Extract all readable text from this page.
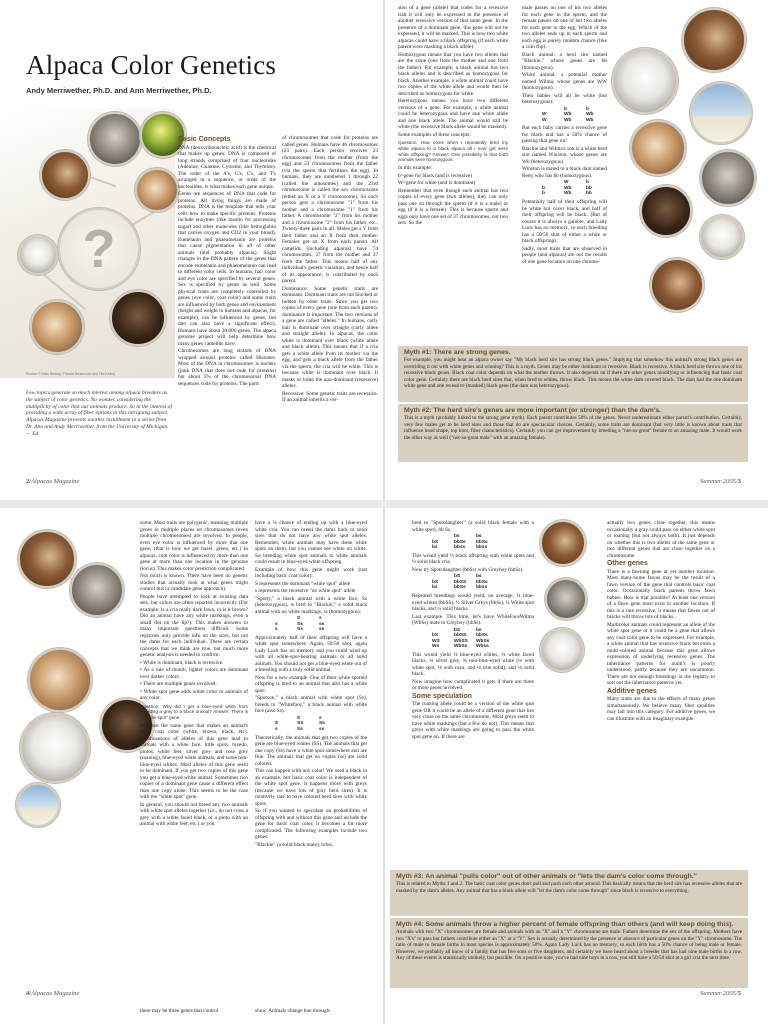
Alpaca Color Genetics
Andy Merriwether, Ph.D. and Ann Merriwether, Ph.D.
?
Photos © Nikki Bishop, Francis Beaumont and Tim Kelley
Few topics generate so much interest among alpaca breeders as the subject of color genetics. No wonder, considering the multiplicity of color that our animals produce. So in the interest of providing a wide array of fiber options in this intriguing subject, Alpacas Magazine presents another installment in a series from Dr. Ann and Andy Merriwether, from the University of Michigan. — Ed.
Basic Concepts

DNA (deoxyribonucleic acid) is the chemical that makes up genes. DNA is composed of long strands comprised of four nucleotides (Adenine, Guanine, Cytosine, and Thymine). The order of the A's, G's, C's, and T's arranged in a sequence, or order of the nucleotides, is what makes each gene unique.

Genes are sequences of DNA that code for proteins. All living things are made of proteins. DNA is the template that tells your cells how to make specific proteins. Proteins include enzymes (like insulin for processing sugar) and other molecules (like hemoglobin that carries oxygen and CO2 in your blood). Eumelanin and phaeomelanin are proteins that cause pigmentation in all of other animals (and probably alpacas). Slight changes in the DNA pattern of the genes that encode eumelanin and phaeomelanin can lead to different color cells. In humans, hair color and eye color are specified by several genes. Sex is specified by genes as well. Some physical traits are completely controlled by genes (eye color, coat color) and some traits are influenced by both genes and environment (height and weight in humans and alpacas, for example), can be influenced by genes, but diet can also have a significant effect). Humans have about 30,000 genes. The alpaca genome project will help determine how many genes camelids have.

Chromosomes are long strands of DNA wrapped around proteins called Histones. Most of the DNA in chromosomes is nucleic (junk DNA that does not code for proteins) but about 5% of the chromosomal DNA sequences code for proteins. The parts

of chromosomes that code for proteins are called genes. Humans have 46 chromosomes (23 pairs). Each person receives 23 chromosomes from the mother (from the egg) and 23 chromosomes from the father (via the sperm that fertilizes the egg). In humans, they are numbered 1 through 22 (called the autosomes) and the 23rd chromosome is called the sex chromosome (either an X or a Y chromosome). So each person gets a chromosome "1" from his mother and a chromosome "1" from his father. A chromosome "2" from his mother and a chromosome "2" from his father, etc.. Twenty-three pairs in all. Males get a Y from their father and an X from their mother. Females get an X from each parent. All camelids (including alpacas) have 74 chromosomes, 37 from the mother and 37 from the father. This means half of any individual's genetic variation, and hence half of its appearance, is contributed by each parent.

Dominance: Some genetic traits are dominant. Dominant traits are not blocked or hidden by other traits. Since you get two copies of every gene (one from each parent), dominance is important. The two versions of a gene are called "alleles." In humans, curly hair is dominant over straight (curly allele and straight allele). In alpacas, the color white is dominant over black (white allele and black allele). This means that if a cria gets a white allele from its mother via the egg, and gets a black allele from the father via the sperm, the cria will be white. This is because white is dominant over black. It masks or hides the non-dominant (recessive) alleles.

Recessive: Some genetic traits are recessive. If an animal inherits a ver-

sion of a gene (allele) that codes for a recessive trait it will only be expressed in the presence of another recessive version of that same gene. In the presence of a dominant gene, this gene will not be expressed, it will be masked. This is how two white alpacas could have a black offspring (if each white parent were masking a black allele).

Homozygous means that you have two alleles that are the same (one from the mother and one from the father). For example, a black animal has two black alleles and is described as homozygous for black. Another example, a white animal could have two copies of the white allele and would then be described as homozygous for white.

Heterozygous means you have two different versions of a gene. For example, a white animal could be heterozygous and have one white allele and one black allele. The animal would still be white (the recessive black allele would be masked).

Some examples of these concepts:

Question: How come when I repeatedly bred my white alpaca to a black alpaca all I ever got were white offspring? Answer: One possibility is that both animals were homozygous.

In this example:

b=gene for black (and is recessive)

W=gene for white (and is dominant)

Remember that even though each animal has two copies of every gene (two alleles), they can only pass one on through the sperm (if it is a male) or egg (if it is a female). This is because sperm and eggs only have one set of 37 chromosomes, not two sets. So the

male passes on one of his two alleles for each gene in the sperm, and the female passes on one of her two alleles for each gene in the egg. Which of the two alleles ends up in each sperm and each egg is purely random chance (like a coin flip).

Black animal: a herd sire named "Blackie," whose genes are bb (homozygous).

White animal: a potential mother named Wilma, whose genes are WW (homozygous).

Their babies will all be white (but heterozygous):

b	b
W	Wb	Wb
W	Wb	Wb

But each baby carries a recessive gene for black and has a 50% chance of passing that gene on!

Blackie and Wilma's son is a white herd sire named Winston, whose genes are Wb (heterozygous).

Winston is mated to a black dam named Betty who has bb (homozygous).

W	b
b	Wb	bb
b	Wb	bb

Potentially half of their offspring will be white but cover black, and half of their offspring will be black. (But of course it is always a gamble, and Lady Luck has no memory, so each breeding has a 50/50 shot of either a white or black offspring).

Sadly, most traits that are observed in people (and alpacas) are not the results of one gene location on one chromo-

Myth #1: There are strong genes.

For example, you might hear an alpaca owner say "My black herd sire has strong black genes." Implying that somehow this animal's strong black genes are overriding it out with white genes and winning? This is a myth. Genes may be either dominant or recessive. Black is recessive. A black herd sire throws one of his recessive black genes. Black coat color depends on what the mother throws. It also depends on if there are other genes modifying or influencing that basic coat color gene. Certainly there are black herd sires that, when bred to whites, throw black. This means the white dam covered black. The dam had the one dominant white gene and one recessive (masked) black gene (the dam was heterozygous).

Myth #2: The herd sire's genes are more important (or stronger) than the dam's.

This is a myth (probably linked to the strong gene myth). Each parent contributes 50% of the genes. Never underestimate either parent's contribution. Certainly, very few males get to be herd sires and those that do are spectacular choices. Certainly, some traits are dominant (but very little is known about traits that influence head shape, top knot, fiber characteristics). Certainly you can get improvement by breeding a "not-so-great" female to an amazing male. It would work the other way as well ("not-so-great male" with an amazing female).

2/Alpacas Magazine	Summer 2005/3

some. Most traits are polygenic, meaning multiple genes in multiple places on chromosomes (even multiple chromosomes) are involved. In people, even eye color is influenced by more that one gene, (that is how we get hazel, green, etc.) In alpacas, coat color is influenced by more than one gene at more than one location in the genome (locus). This makes color prediction complicated.

Not much is known. There have been no genetic studies that actually look at what genes might control this (a candidate gene approach).

People have attempted to look at existing data sets, but colors are often reported incorrectly (For example: Is a cria really dark fawn, or is it brown? Did an animal have any white markings, even a small dot on the lip?). This makes answers to many important questions difficult. Some registries only provide info on the sires, but not the dams for each individual. There are certain concepts that we think are true, but much more genetic analysis is needed to confirm:

• White is dominant, black is recessive.

• As a rule of thumb, lighter colors are dominant over darker colors.

• There are multiple genes involved.

• White spot gene adds white color to animals of any color.

Question: Why did I get a blue-eyed white from breeding a grey to a black animal? Answer: There is a "white spot" gene.

It is not the same gene that makes an animal's basic coat color (white, brown, black, etc). Combinations of alleles of this gene lead to animals with a white face, little spots, tuxedo, pintos, white feet, silver grey and rose grey (roaning), blue-eyed white animals, and some non-blue-eyed whites. Most alleles of this gene seem to be dominant. If you get two copies of this gene you get a blue-eyed white animal. Sometimes two copies of a dominant gene cause a different effect than one copy alone. This seems to be the case with the "white spot" gene.

In general, you should not breed any two animals with white spot alleles together (i.e., do not cross a grey with a white faced black, or a pinto with an animal with white feet, etc.) or you

have a ¼ chance of ending up with a blue-eyed white cria. You can breed the dams back to solid sires that do not have any white spot alleles. Remember, white animals may have these white spots on them, but you cannot see white on white. So breeding white spot animals to white animals could result in blue-eyed white offspring.

Example of how this gene might work (not including basic coat color):

S represents the dominant "white spot" allele

s represents the recessive "no white spot" allele

"Spotty," a black animal with a white face, Ss (heterozygous), is bred to "Blackie," a solid black animal with no white markings, ss (homozygous):

S	s
s	Ss	ss
s	Ss	ss

Approximately half of their offspring will have a white spot somewhere. Again, 50/50 shot, again Lady Luck has no memory and you could wind up with all white-spot-bearing animals or all solid animals. You should not get a blue-eyed white out of a breeding with a truly solid animal.

Now for a new example. One of their white spotted offspring is bred to an animal that also has a white spot:

"Spotson," a black animal with white spot (Ss), breeds to "Whiteface," a black animal with white face (also Ss).

S	s
S	SS	Ss
s	Ss	ss

Theoretically, the animals that get two copies of the gene are blue-eyed whites (SS). The animals that get one copy (Ss) have a white spot somewhere and are fine. The animals that get no copies (ss) are solid colored.

This can happen with any color! We used a black in an example, but basic coat color is independent of the white spot gene. It happens more with greys (because we have lots of gray herd sires). It is relatively rare to have colored herd sires with white spots.

So if you wanted to speculate on probabilities of offspring with and without this gene and include the gene for basic coat color, it becomes a bit more complicated. The following examples include two genes:

"Blackie" (a solid black male), b/bss,

bred to "Spotsdaughter" (a solid black female with a white spot), bb Ss.

bs	bs
bS	bbSs	bbSs
bs	bbss	bbss

This would yield ½ black offspring with white spots and ½ solid black cria.

Now try Spotsdaughter (bbSs) with Greyboy (bbSs).

bS	bs
bS	bbSS	bbSs
bs	bbSs	bbss

Repeated breedings would yield, on average, ¼ blue-eyed whites (bbSS), ½ Silver Greys (bbSs), ¼ White spot blacks, and ¼ solid blacks.

Last example. This time, let's have WhiteFaceWilma (WbSs) mate to Greyboy (bbSs).

bS	bs
bS	bbSS	bbSs
WS	WbSS	WbSs
Ws	WbSs	Wbss

This would yield ⅛ blue-eyed whites, ⅜ white faced blacks, ⅛ silver grey, ⅜ non-blue-eyed white (⅛ with white spot, ⅛ with roan, and ⅛ true solid), and ⅛ solid black.

Now imagine how complicated it gets if there are three or more genes involved.

Some speculation

The roaning allele could be a version of the white spot gene OR it could be an allele of a different gene that lies very close on the same chromosome. Most greys seem to have white markings (but a few do not). This means that greys with white markings are going to pass the white spot gene on. If there are

actually two genes close together, this means occasionally a gray could pass on either white spot or roaning (but not always both). It just depends on whether this is two alleles of the same gene or two different genes that are close together on a chromosome.

Other genes

There is a fawning gene at yet another location. Most many/some fawns may be the result of a fawn version of the gene that controls basic coat color. Occasionally black parents throw fawn babies. How is that possible? At least one version of a fawn gene must exist in another location. If this is a rare recessive, it means that fawns out of blacks will throw lots of blacks.

Multicolor animals could represent an allele of the white spot gene or it could be a gene that allows any coat color gene to be expressed. For example, a white animal that has recessive black becomes a multi-colored animal because this gene allows expression of underlying recessive genes. The inheritance patterns for multi's is poorly understood, partly because they are uncommon. There are not enough breedings in the registry to sort out the inheritance patterns yet.

Additive genes

Many traits are due to the effects of many genes simultaneously. We believe many fiber qualities may fall into this category. For additive genes, we can illustrate with an imaginary example:

Myth #3: An animal "pulls color" out of other animals or "lets the dam's color come through."

This is related to Myths 1 and 2. The basic coat color genes don't pull and push each other around. This basically means that the herd sire has recessive alleles that are masked by the dam's alleles. Any animal that has a black allele will "let the dam's color come through" since black is recessive to everything.

Myth #4: Some animals throw a higher percent of female offspring than others (and will keep doing this).

Animals with two "X" chromosomes are female and animals with an "X" and a "Y" chromosome are male. Fathers determine the sex of the offspring. Mothers have two "X's" to pass but fathers contribute either an "X" or a "Y". Sex is actually determined by the presence or absence of particular genes on the "Y" chromosome. The ratio of male to female births in most species is approximately 50%. Again Lady Luck has no memory, so each birth has a 50% chance of being male or female. However, we probably all know of a family that has five sons or five daughters, and certainly we have heard about a breeder that has had nine male births in a row. Any of these events is statistically unlikely, but possible. On a positive note, you've had nine boys in a row, you still have a 50/50 shot at a girl cria the next time.

4/Alpacas Magazine	Summer 2005/5
there may be three genes that control	show. Animals change hue through-
